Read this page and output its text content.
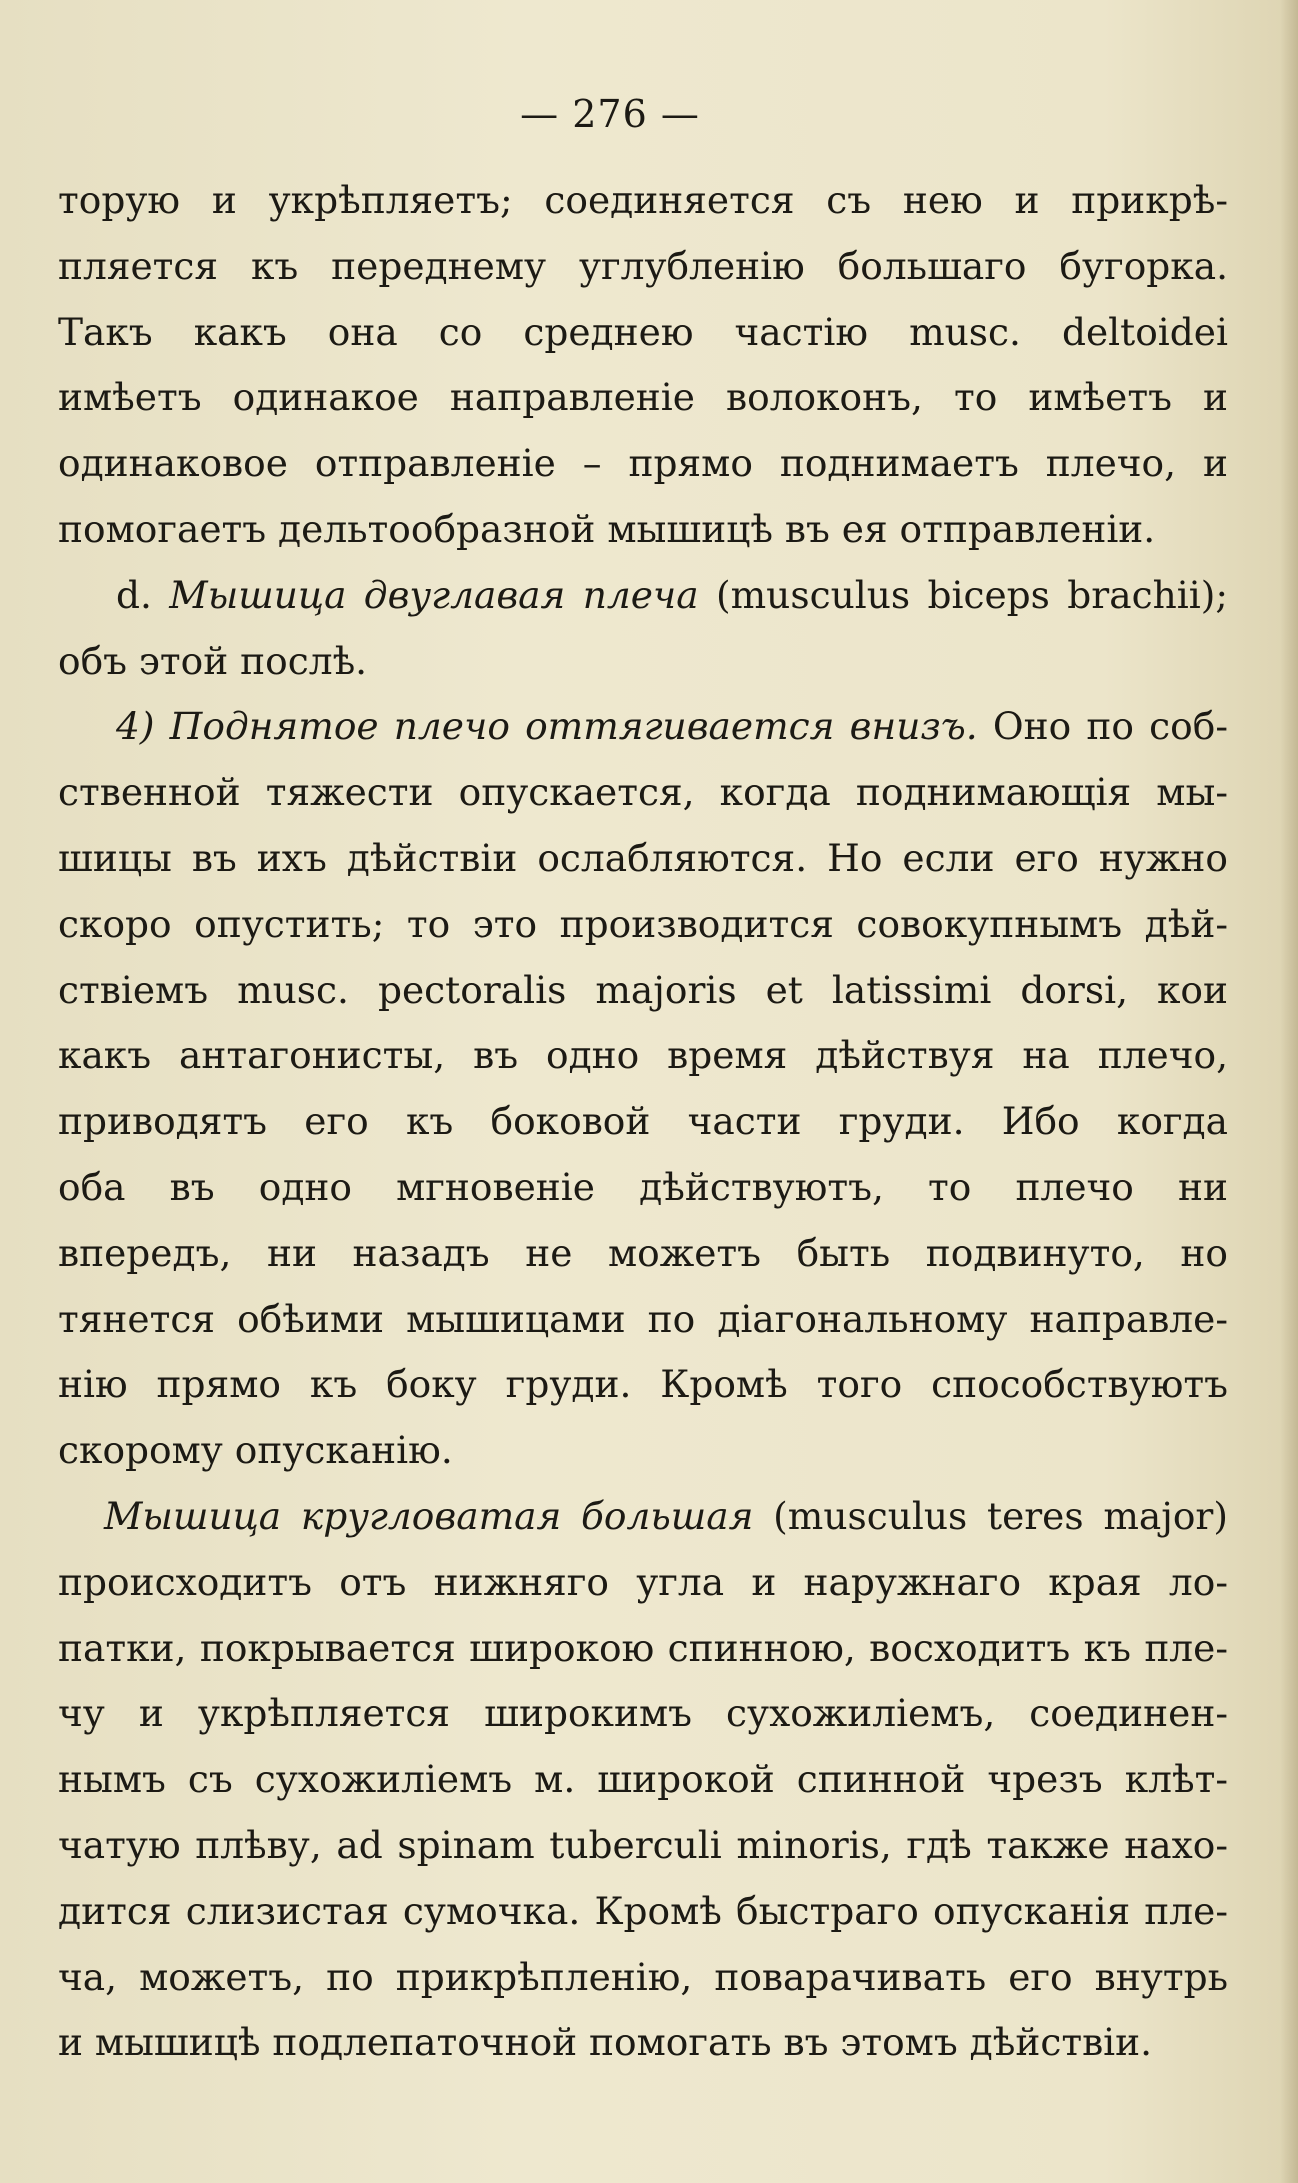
— 276 —
торую и укрѣпляетъ; соединяется съ нею и прикрѣ-
пляется къ переднему углубленію большаго бугорка.
Такъ какъ она со среднею частію musc. deltoidei
имѣетъ одинакое направленіе волоконъ, то имѣетъ и
одинаковое отправленіе – прямо поднимаетъ плечо, и
помогаетъ дельтообразной мышицѣ въ ея отправленіи.
d. Мышица двуглавая плеча (musculus biceps brachii);
объ этой послѣ.
4) Поднятое плечо оттягивается внизъ. Оно по соб-
ственной тяжести опускается, когда поднимающія мы-
шицы въ ихъ дѣйствіи ослабляются. Но если его нужно
скоро опустить; то это производится совокупнымъ дѣй-
ствіемъ musc. pectoralis majoris et latissimi dorsi, кои
какъ антагонисты, въ одно время дѣйствуя на плечо,
приводятъ его къ боковой части груди. Ибо когда
оба въ одно мгновеніе дѣйствуютъ, то плечо ни
впередъ, ни назадъ не можетъ быть подвинуто, но
тянется обѣими мышицами по діагональному направле-
нію прямо къ боку груди. Кромѣ того способствуютъ
скорому опусканію.
Мышица кругловатая большая (musculus teres major)
происходитъ отъ нижняго угла и наружнаго края ло-
патки, покрывается широкою спинною, восходитъ къ пле-
чу и укрѣпляется широкимъ сухожиліемъ, соединен-
нымъ съ сухожиліемъ м. широкой спинной чрезъ клѣт-
чатую плѣву, ad spinam tuberculi minoris, гдѣ также нахо-
дится слизистая сумочка. Кромѣ быстраго опусканія пле-
ча, можетъ, по прикрѣпленію, поварачивать его внутрь
и мышицѣ подлепаточной помогать въ этомъ дѣйствіи.
